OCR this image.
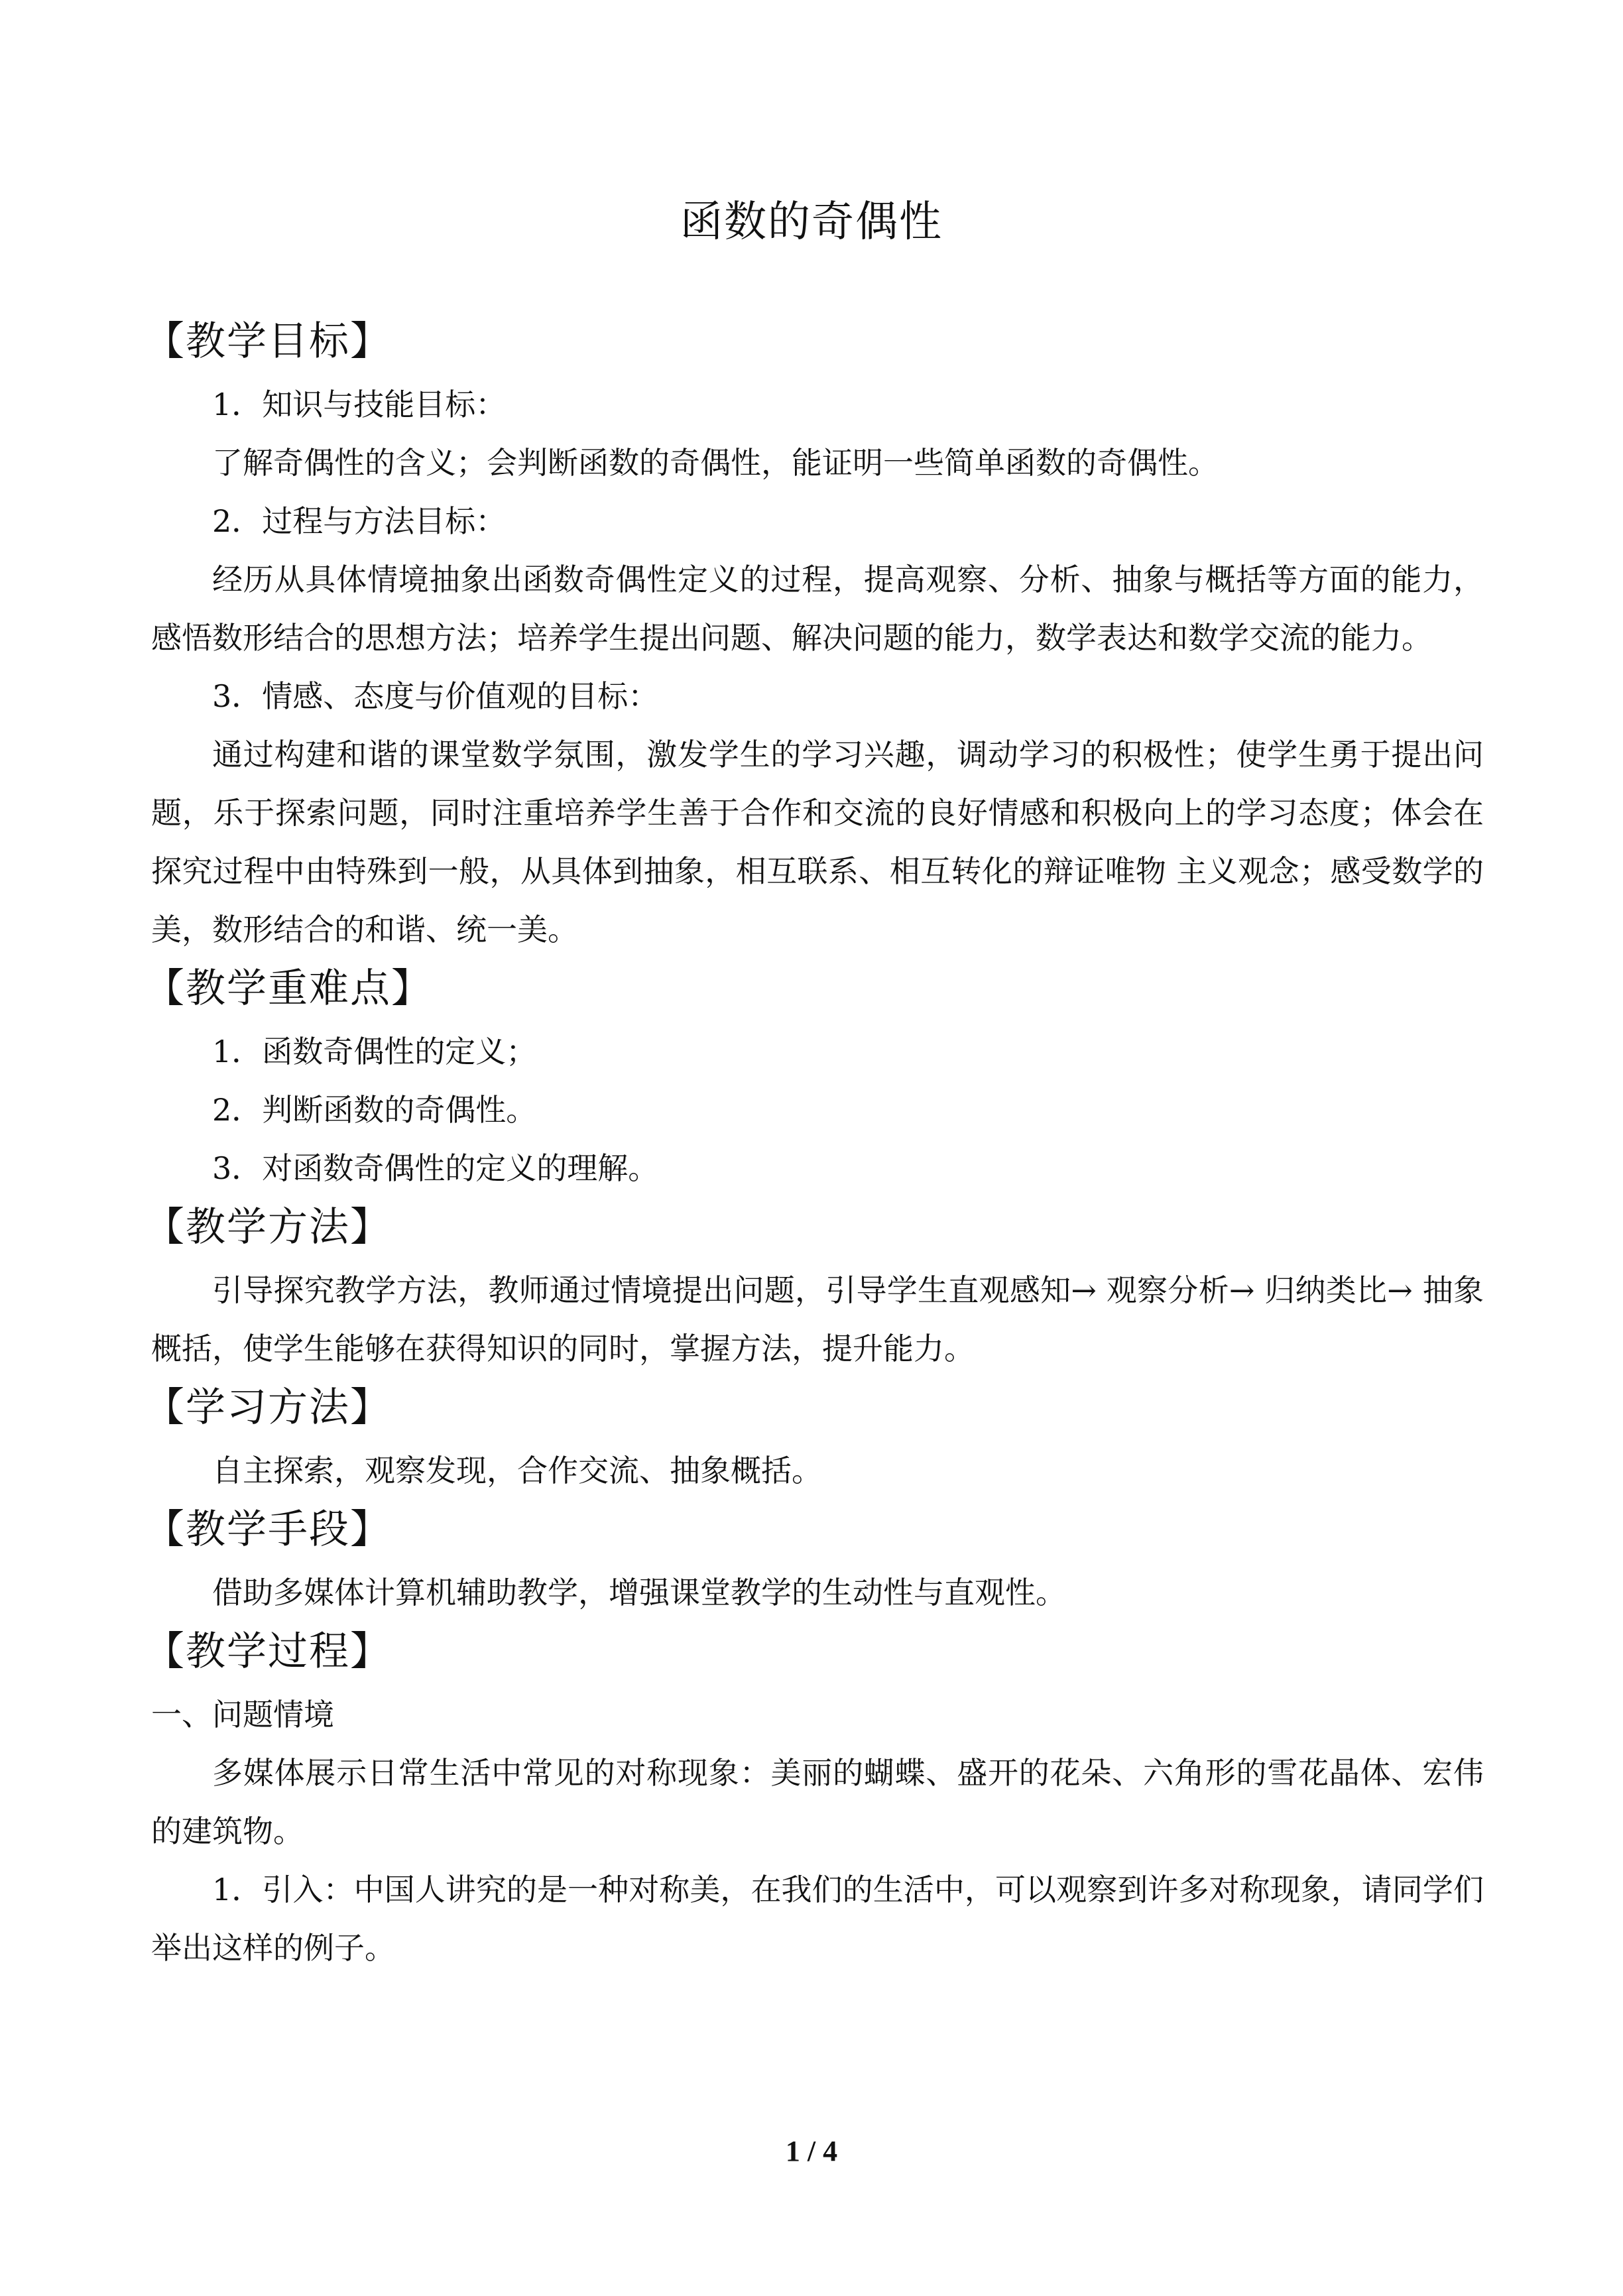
函数的奇偶性
【教学目标】

1．知识与技能目标：

了解奇偶性的含义；会判断函数的奇偶性，能证明一些简单函数的奇偶性。

2．过程与方法目标：

经历从具体情境抽象出函数奇偶性定义的过程，提高观察、分析、抽象与概括等方面的能力，感悟数形结合的思想方法；培养学生提出问题、解决问题的能力，数学表达和数学交流的能力。

3．情感、态度与价值观的目标：

通过构建和谐的课堂数学氛围，激发学生的学习兴趣，调动学习的积极性；使学生勇于提出问题，乐于探索问题，同时注重培养学生善于合作和交流的良好情感和积极向上的学习态度；体会在探究过程中由特殊到一般，从具体到抽象，相互联系、相互转化的辩证唯物 主义观念；感受数学的美，数形结合的和谐、统一美。

【教学重难点】

1．函数奇偶性的定义；

2．判断函数的奇偶性。

3．对函数奇偶性的定义的理解。

【教学方法】

引导探究教学方法，教师通过情境提出问题，引导学生直观感知→ 观察分析→ 归纳类比→ 抽象概括，使学生能够在获得知识的同时，掌握方法，提升能力。

【学习方法】

自主探索，观察发现，合作交流、抽象概括。

【教学手段】

借助多媒体计算机辅助教学，增强课堂教学的生动性与直观性。

【教学过程】

一、问题情境

多媒体展示日常生活中常见的对称现象：美丽的蝴蝶、盛开的花朵、六角形的雪花晶体、宏伟的建筑物。

1．引入：中国人讲究的是一种对称美，在我们的生活中，可以观察到许多对称现象，请同学们举出这样的例子。

1 / 4
